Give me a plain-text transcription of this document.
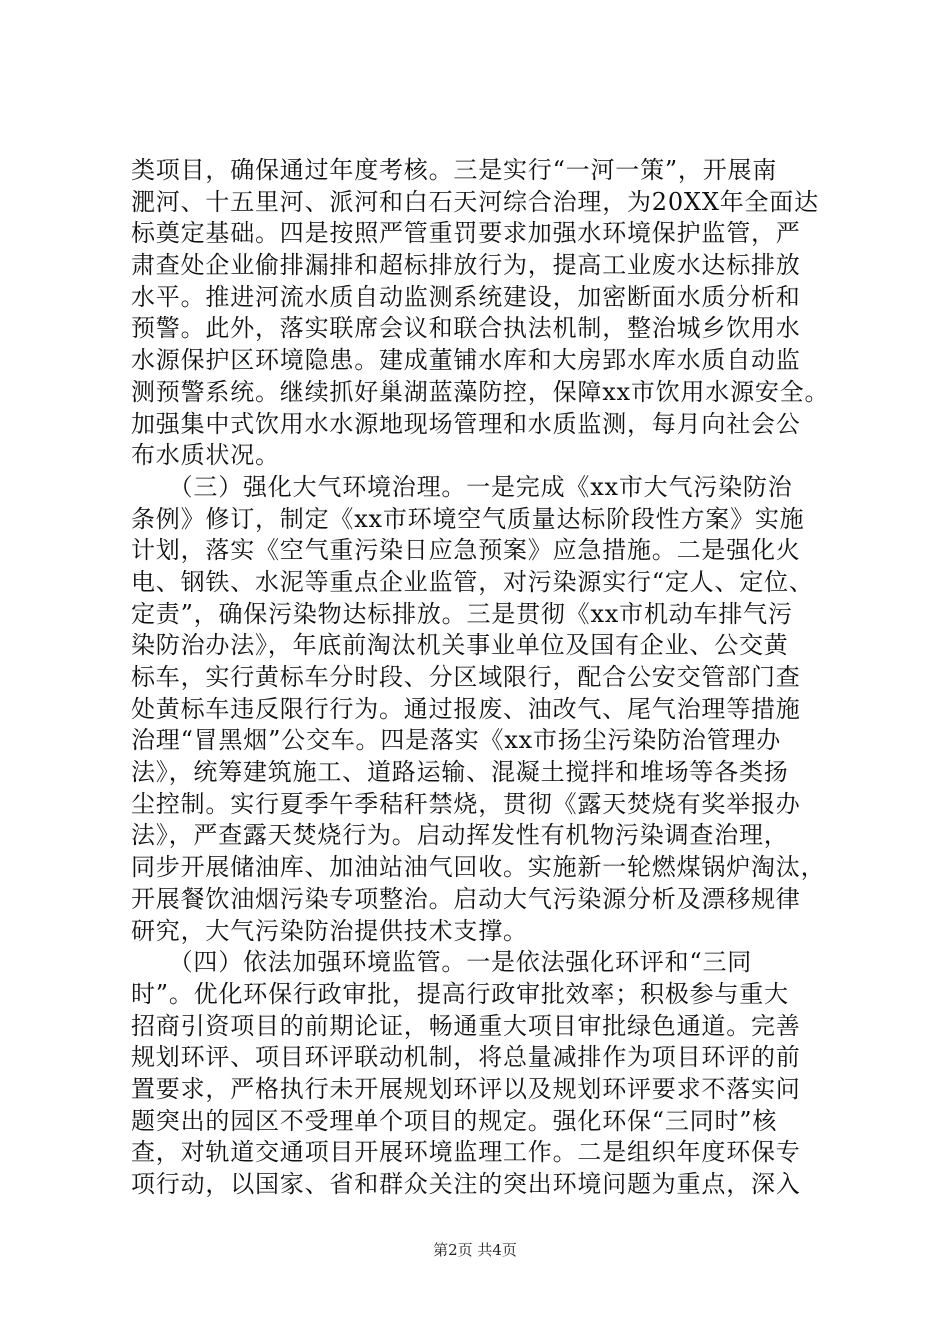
类项目，确保通过年度考核。三是实行“一河一策”，开展南
淝河、十五里河、派河和白石天河综合治理，为20XX年全面达
标奠定基础。四是按照严管重罚要求加强水环境保护监管，严
肃查处企业偷排漏排和超标排放行为，提高工业废水达标排放
水平。推进河流水质自动监测系统建设，加密断面水质分析和
预警。此外，落实联席会议和联合执法机制，整治城乡饮用水
水源保护区环境隐患。建成董铺水库和大房郢水库水质自动监
测预警系统。继续抓好巢湖蓝藻防控，保障xx市饮用水源安全。
加强集中式饮用水水源地现场管理和水质监测，每月向社会公
布水质状况。
　　（三）强化大气环境治理。一是完成《xx市大气污染防治
条例》修订，制定《xx市环境空气质量达标阶段性方案》实施
计划，落实《空气重污染日应急预案》应急措施。二是强化火
电、钢铁、水泥等重点企业监管，对污染源实行“定人、定位、
定责”，确保污染物达标排放。三是贯彻《xx市机动车排气污
染防治办法》，年底前淘汰机关事业单位及国有企业、公交黄
标车，实行黄标车分时段、分区域限行，配合公安交管部门查
处黄标车违反限行行为。通过报废、油改气、尾气治理等措施
治理“冒黑烟”公交车。四是落实《xx市扬尘污染防治管理办
法》，统筹建筑施工、道路运输、混凝土搅拌和堆场等各类扬
尘控制。实行夏季午季秸秆禁烧，贯彻《露天焚烧有奖举报办
法》，严查露天焚烧行为。启动挥发性有机物污染调查治理，
同步开展储油库、加油站油气回收。实施新一轮燃煤锅炉淘汰，
开展餐饮油烟污染专项整治。启动大气污染源分析及漂移规律
研究，大气污染防治提供技术支撑。
　　（四）依法加强环境监管。一是依法强化环评和“三同
时”。优化环保行政审批，提高行政审批效率；积极参与重大
招商引资项目的前期论证，畅通重大项目审批绿色通道。完善
规划环评、项目环评联动机制，将总量减排作为项目环评的前
置要求，严格执行未开展规划环评以及规划环评要求不落实问
题突出的园区不受理单个项目的规定。强化环保“三同时”核
查，对轨道交通项目开展环境监理工作。二是组织年度环保专
项行动，以国家、省和群众关注的突出环境问题为重点，深入
第2页 共4页
